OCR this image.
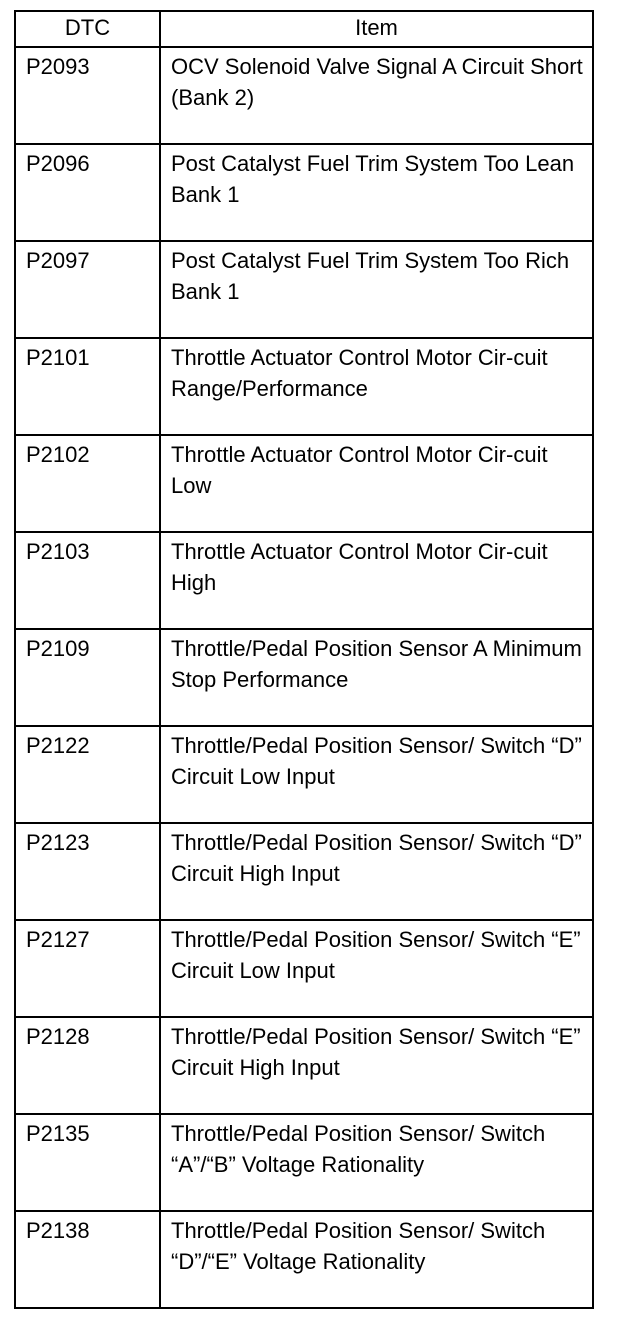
DTC	Item
P2093	OCV Solenoid Valve Signal A Circuit Short (Bank 2)
P2096	Post Catalyst Fuel Trim System Too Lean Bank 1
P2097	Post Catalyst Fuel Trim System Too Rich Bank 1
P2101	Throttle Actuator Control Motor Cir-cuit Range/Performance
P2102	Throttle Actuator Control Motor Cir-cuit Low
P2103	Throttle Actuator Control Motor Cir-cuit High
P2109	Throttle/Pedal Position Sensor A Minimum Stop Performance
P2122	Throttle/Pedal Position Sensor/ Switch “D” Circuit Low Input
P2123	Throttle/Pedal Position Sensor/ Switch “D” Circuit High Input
P2127	Throttle/Pedal Position Sensor/ Switch “E” Circuit Low Input
P2128	Throttle/Pedal Position Sensor/ Switch “E” Circuit High Input
P2135	Throttle/Pedal Position Sensor/ Switch “A”/“B” Voltage Rationality
P2138	Throttle/Pedal Position Sensor/ Switch “D”/“E” Voltage Rationality
